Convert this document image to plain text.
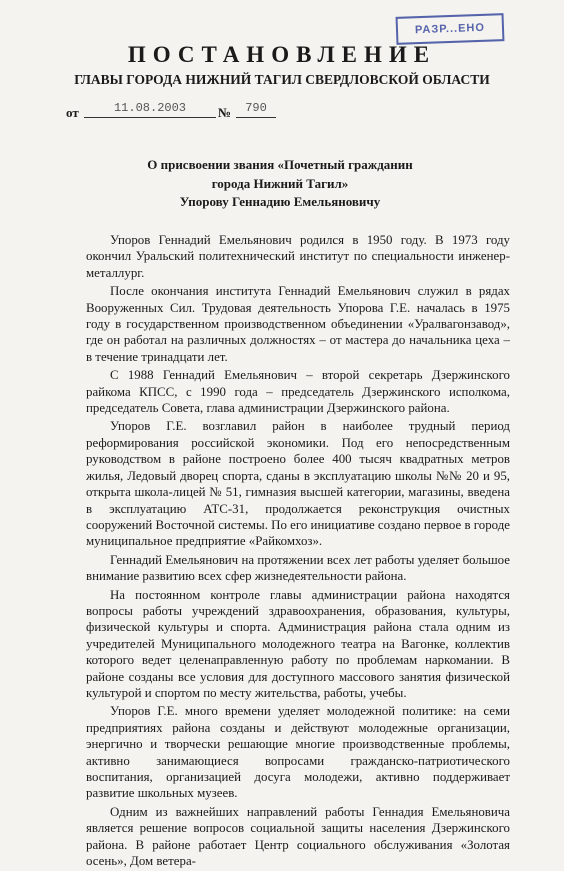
РАЗР...ЕНО
ПОСТАНОВЛЕНИЕ
ГЛАВЫ ГОРОДА НИЖНИЙ ТАГИЛ СВЕРДЛОВСКОЙ ОБЛАСТИ
от	11.08.2003	№	790
О присвоении звания «Почетный гражданин
города Нижний Тагил»
Упорову Геннадию Емельяновичу

Упоров Геннадий Емельянович родился в 1950 году. В 1973 году окончил Уральский политехнический институт по специальности инженер-металлург.

После окончания института Геннадий Емельянович служил в рядах Вооруженных Сил. Трудовая деятельность Упорова Г.Е. началась в 1975 году в государственном производственном объединении «Уралвагонзавод», где он работал на различных должностях – от мастера до начальника цеха – в течение тринадцати лет.

С 1988 Геннадий Емельянович – второй секретарь Дзержинского райкома КПСС, с 1990 года – председатель Дзержинского исполкома, председатель Совета, глава администрации Дзержинского района.

Упоров Г.Е. возглавил район в наиболее трудный период реформирования российской экономики. Под его непосредственным руководством в районе построено более 400 тысяч квадратных метров жилья, Ледовый дворец спорта, сданы в эксплуатацию школы №№ 20 и 95, открыта школа-лицей № 51, гимназия высшей категории, магазины, введена в эксплуатацию АТС-31, продолжается реконструкция очистных сооружений Восточной системы. По его инициативе создано первое в городе муниципальное предприятие «Райкомхоз».

Геннадий Емельянович на протяжении всех лет работы уделяет большое внимание развитию всех сфер жизнедеятельности района.

На постоянном контроле главы администрации района находятся вопросы работы учреждений здравоохранения, образования, культуры, физической культуры и спорта. Администрация района стала одним из учредителей Муниципального молодежного театра на Вагонке, коллектив которого ведет целенаправленную работу по проблемам наркомании. В районе созданы все условия для доступного массового занятия физической культурой и спортом по месту жительства, работы, учебы.

Упоров Г.Е. много времени уделяет молодежной политике: на семи предприятиях района созданы и действуют молодежные организации, энергично и творчески решающие многие производственные проблемы, активно занимающиеся вопросами гражданско-патриотического воспитания, организацией досуга молодежи, активно поддерживает развитие школьных музеев.

Одним из важнейших направлений работы Геннадия Емельяновича является решение вопросов социальной защиты населения Дзержинского района. В районе работает Центр социального обслуживания «Золотая осень», Дом ветера-
